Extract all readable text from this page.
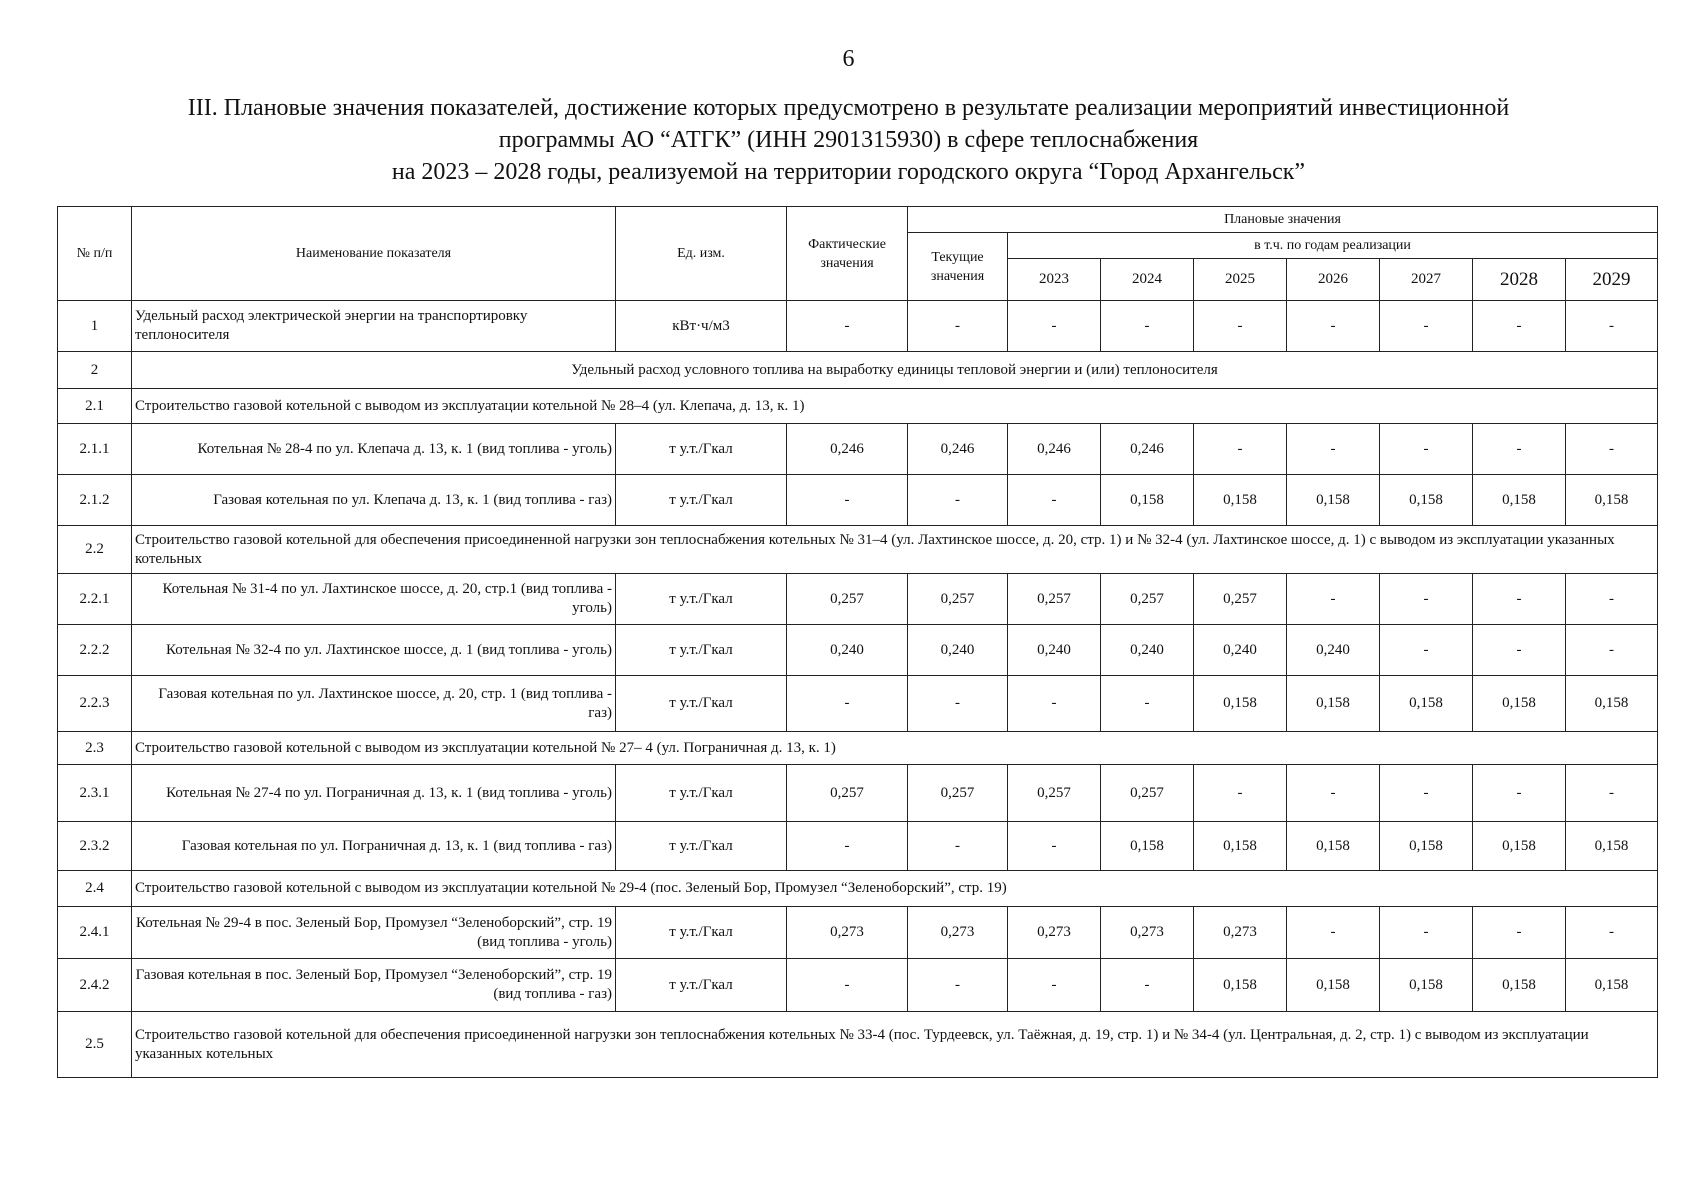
6
III. Плановые значения показателей, достижение которых предусмотрено в результате реализации мероприятий инвестиционной
программы АО “АТГК” (ИНН 2901315930) в сфере теплоснабжения
на 2023 – 2028 годы, реализуемой на территории городского округа “Город Архангельск”
№ п/п	Наименование показателя	Ед. изм.	Фактические значения	Плановые значения							
				Текущие значения	в т.ч. по годам реализации						
					2023	2024	2025	2026	2027	2028	2029
1	Удельный расход электрической энергии на транспортировку теплоносителя	кВт·ч/м3	-	-	-	-	-	-	-	-	-
2	Удельный расход условного топлива на выработку единицы тепловой энергии и (или) теплоносителя										
2.1	Строительство газовой котельной с выводом из эксплуатации котельной № 28–4 (ул. Клепача, д. 13, к. 1)										
2.1.1	Котельная № 28-4 по ул. Клепача д. 13, к. 1 (вид топлива - уголь)	т у.т./Гкал	0,246	0,246	0,246	0,246	-	-	-	-	-
2.1.2	Газовая котельная по ул. Клепача д. 13, к. 1 (вид топлива - газ)	т у.т./Гкал	-	-	-	0,158	0,158	0,158	0,158	0,158	0,158
2.2	Строительство газовой котельной для обеспечения присоединенной нагрузки зон теплоснабжения котельных № 31–4 (ул. Лахтинское шоссе, д. 20, стр. 1) и № 32-4 (ул. Лахтинское шоссе, д. 1) с выводом из эксплуатации указанных котельных										
2.2.1	Котельная № 31-4 по ул. Лахтинское шоссе, д. 20, стр.1 (вид топлива - уголь)	т у.т./Гкал	0,257	0,257	0,257	0,257	0,257	-	-	-	-
2.2.2	Котельная № 32-4 по ул. Лахтинское шоссе, д. 1 (вид топлива - уголь)	т у.т./Гкал	0,240	0,240	0,240	0,240	0,240	0,240	-	-	-
2.2.3	Газовая котельная по ул. Лахтинское шоссе, д. 20, стр. 1 (вид топлива - газ)	т у.т./Гкал	-	-	-	-	0,158	0,158	0,158	0,158	0,158
2.3	Строительство газовой котельной с выводом из эксплуатации котельной № 27– 4 (ул. Пограничная д. 13, к. 1)										
2.3.1	Котельная № 27-4 по ул. Пограничная д. 13, к. 1 (вид топлива - уголь)	т у.т./Гкал	0,257	0,257	0,257	0,257	-	-	-	-	-
2.3.2	Газовая котельная по ул. Пограничная д. 13, к. 1 (вид топлива - газ)	т у.т./Гкал	-	-	-	0,158	0,158	0,158	0,158	0,158	0,158
2.4	Строительство газовой котельной с выводом из эксплуатации котельной № 29-4 (пос. Зеленый Бор, Промузел “Зеленоборский”, стр. 19)										
2.4.1	Котельная № 29-4 в пос. Зеленый Бор, Промузел “Зеленоборский”, стр. 19 (вид топлива - уголь)	т у.т./Гкал	0,273	0,273	0,273	0,273	0,273	-	-	-	-
2.4.2	Газовая котельная в пос. Зеленый Бор, Промузел “Зеленоборский”, стр. 19 (вид топлива - газ)	т у.т./Гкал	-	-	-	-	0,158	0,158	0,158	0,158	0,158
2.5	Строительство газовой котельной для обеспечения присоединенной нагрузки зон теплоснабжения котельных № 33-4 (пос. Турдеевск, ул. Таёжная, д. 19, стр. 1) и № 34-4 (ул. Центральная, д. 2, стр. 1) с выводом из эксплуатации указанных котельных										
